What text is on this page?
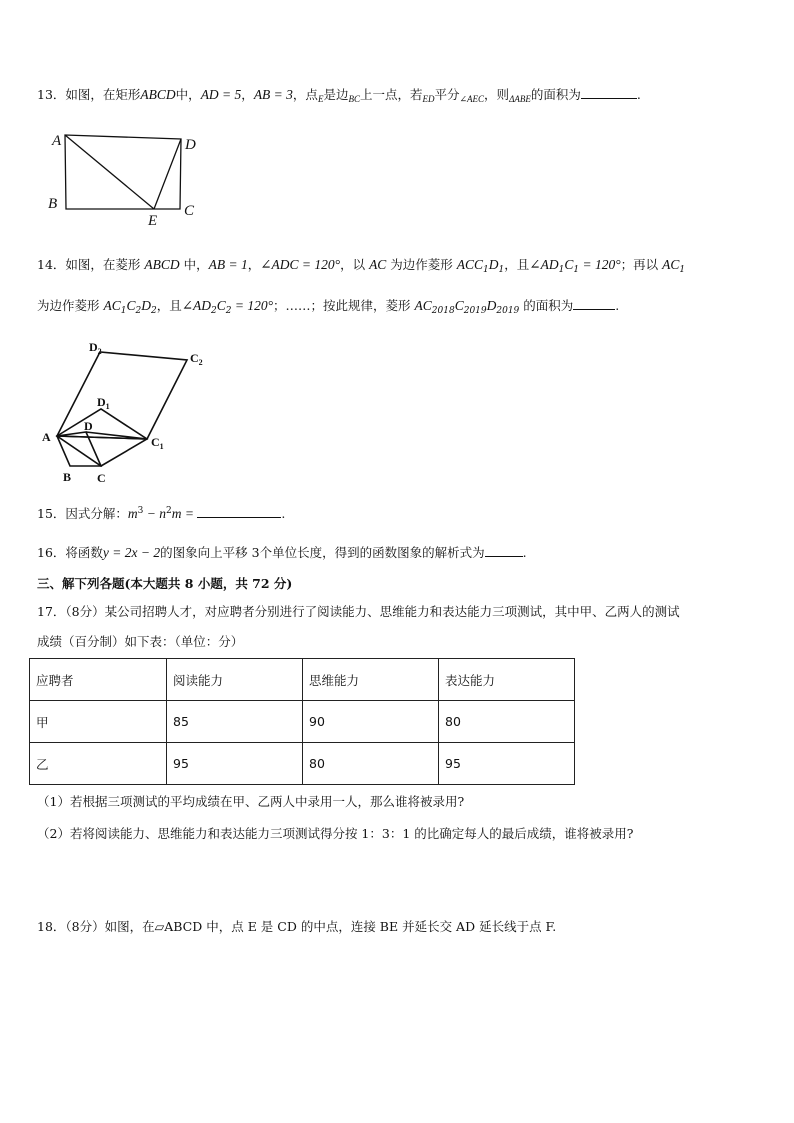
13．如图，在矩形ABCD中，AD = 5，AB = 3，点$_E$是边$_{BC}$上一点，若$_{ED}$平分$_{\angle AEC}$，则$_{\Delta ABE}$的面积为	.
A	D
B	C
E
$D_2$	$C_2$
$D_1$
D
A	$C_1$
B C
14．如图，在菱形 ABCD 中，AB = 1，∠ADC = 120°，以 AC 为边作菱形 $ACC_1D_1$，且$\angle AD_1C_1 = 120^\circ$；再以 $AC_1$
为边作菱形 $AC_1C_2D_2$，且$\angle AD_2C_2 = 120^\circ$；……；按此规律，菱形 $AC_{2018}C_{2019}D_{2019}$ 的面积为	.
15．因式分解：$m^3 - n^2m$ =	.
16．将函数y = 2x − 2的图象向上平移 3个单位长度，得到的函数图象的解析式为	.
三、解下列各题(本大题共 8 小题，共 72 分)
17．（8分）某公司招聘人才，对应聘者分别进行了阅读能力、思维能力和表达能力三项测试，其中甲、乙两人的测试
成绩（百分制）如下表：（单位：分）
应聘者	阅读能力	思维能力	表达能力
甲	85	90	80
乙	95	80	95
（1）若根据三项测试的平均成绩在甲、乙两人中录用一人，那么谁将被录用?
（2）若将阅读能力、思维能力和表达能力三项测试得分按 1：3：1 的比确定每人的最后成绩，谁将被录用?
18．（8分）如图，在▱ABCD 中，点 E 是 CD 的中点，连接 BE 并延长交 AD 延长线于点 F.
